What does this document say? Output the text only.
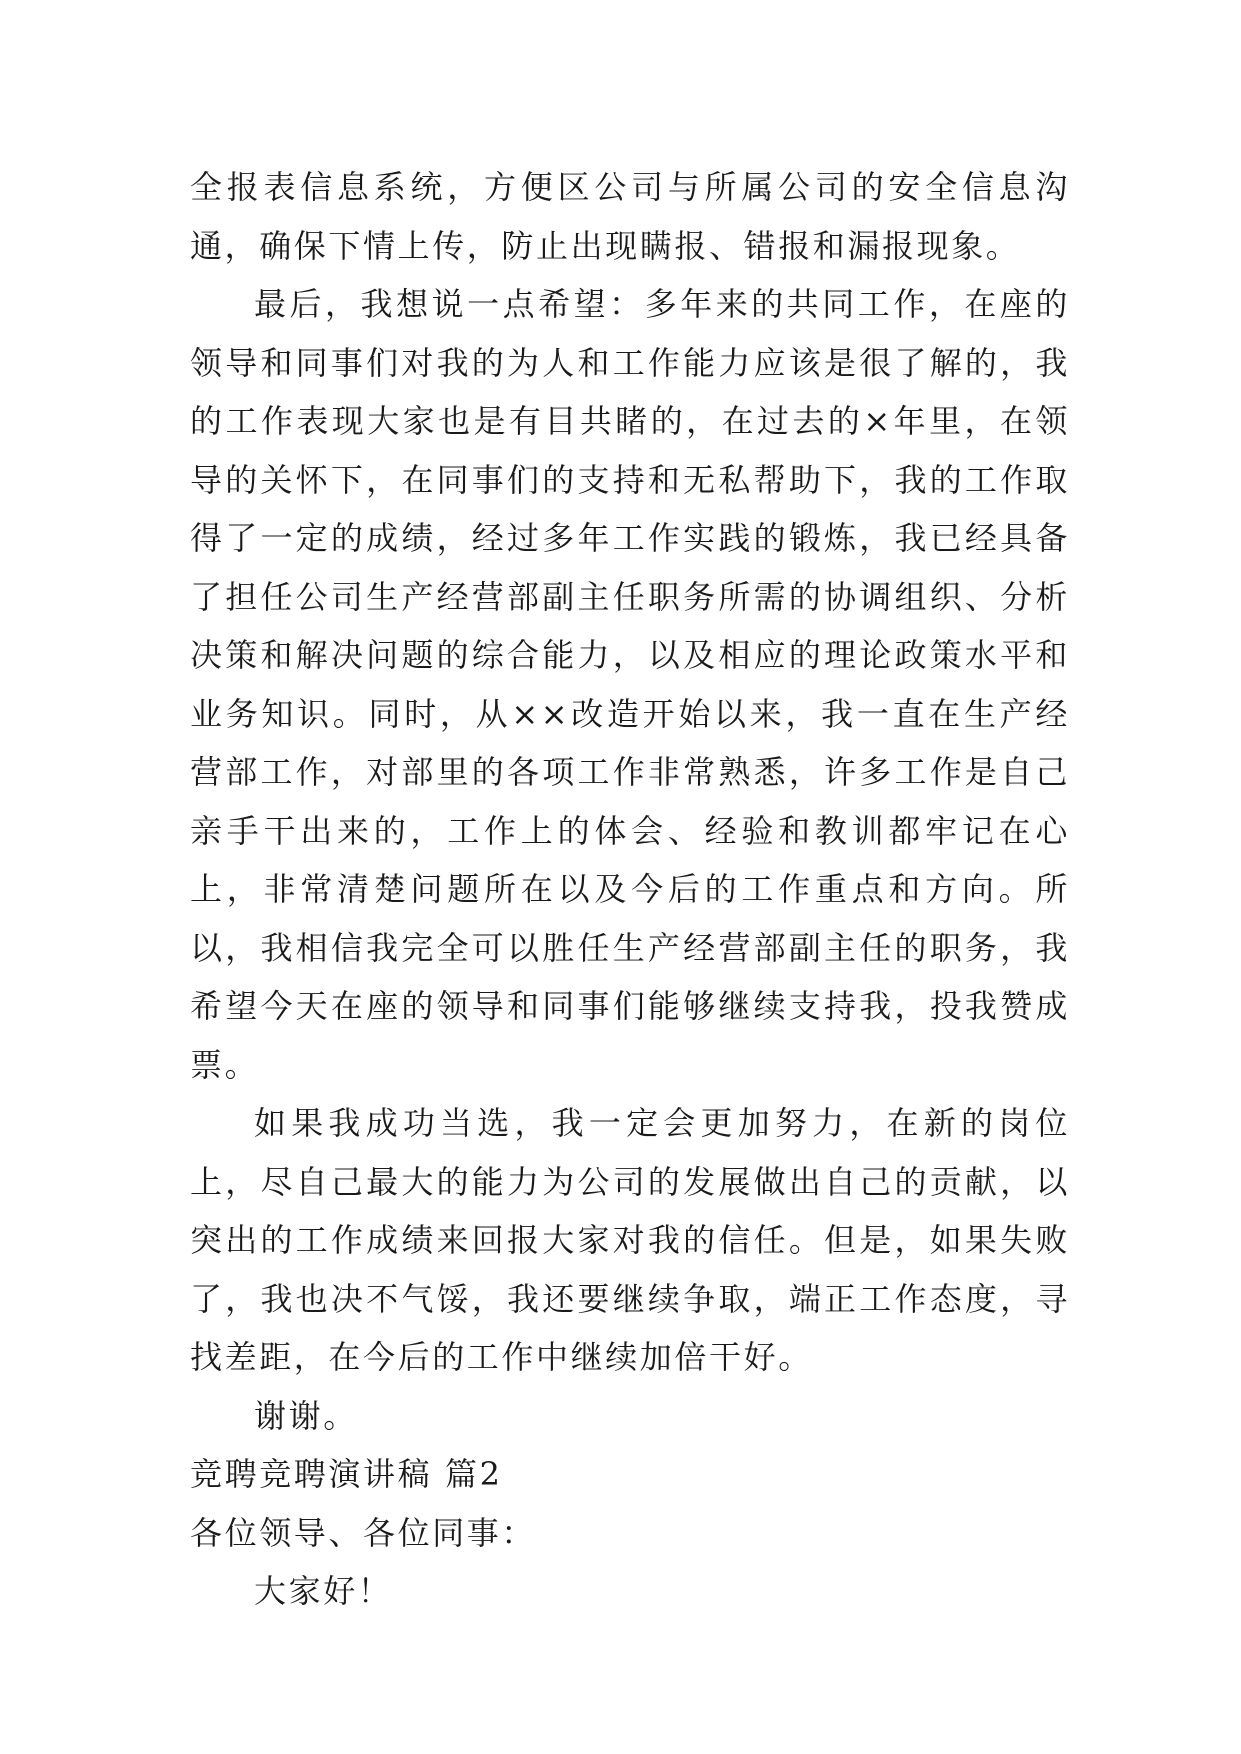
全报表信息系统，方便区公司与所属公司的安全信息沟通，确保下情上传，防止出现瞒报、错报和漏报现象。

最后，我想说一点希望：多年来的共同工作，在座的领导和同事们对我的为人和工作能力应该是很了解的，我的工作表现大家也是有目共睹的，在过去的×年里，在领导的关怀下，在同事们的支持和无私帮助下，我的工作取得了一定的成绩，经过多年工作实践的锻炼，我已经具备了担任公司生产经营部副主任职务所需的协调组织、分析决策和解决问题的综合能力，以及相应的理论政策水平和业务知识。同时，从××改造开始以来，我一直在生产经营部工作，对部里的各项工作非常熟悉，许多工作是自己亲手干出来的，工作上的体会、经验和教训都牢记在心上，非常清楚问题所在以及今后的工作重点和方向。所以，我相信我完全可以胜任生产经营部副主任的职务，我希望今天在座的领导和同事们能够继续支持我，投我赞成票。

如果我成功当选，我一定会更加努力，在新的岗位上，尽自己最大的能力为公司的发展做出自己的贡献，以突出的工作成绩来回报大家对我的信任。但是，如果失败了，我也决不气馁，我还要继续争取，端正工作态度，寻找差距，在今后的工作中继续加倍干好。

谢谢。

竞聘竞聘演讲稿 篇2

各位领导、各位同事：

大家好！
